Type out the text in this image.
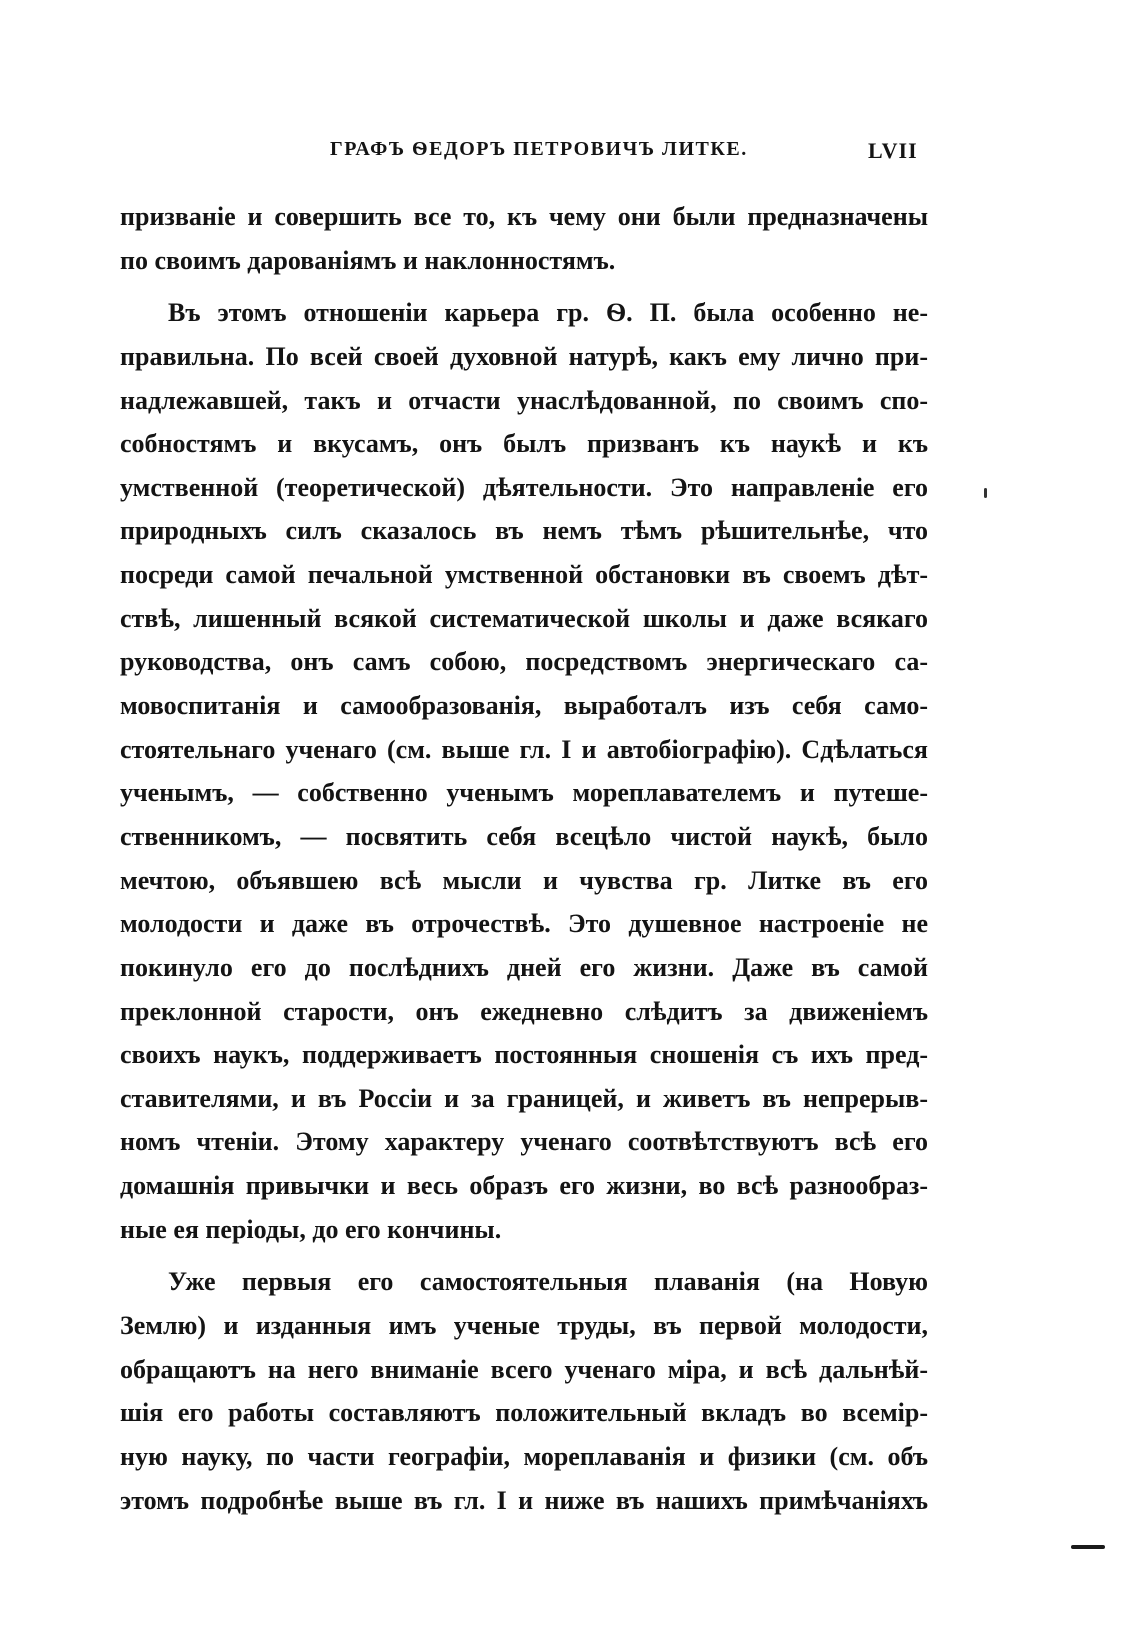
ГРАФЪ ѲЕДОРЪ ПЕТРОВИЧЪ ЛИТКЕ.	LVII
призваніе и совершить все то, къ чему они были предназначены
по своимъ дарованіямъ и наклонностямъ.
Въ этомъ отношеніи карьера гр. Ѳ. П. была особенно не-
правильна. По всей своей духовной натурѣ, какъ ему лично при-
надлежавшей, такъ и отчасти унаслѣдованной, по своимъ спо-
собностямъ и вкусамъ, онъ былъ призванъ къ наукѣ и къ
умственной (теоретической) дѣятельности. Это направленіе его
природныхъ силъ сказалось въ немъ тѣмъ рѣшительнѣе, что
посреди самой печальной умственной обстановки въ своемъ дѣт-
ствѣ, лишенный всякой систематической школы и даже всякаго
руководства, онъ самъ собою, посредствомъ энергическаго са-
мовоспитанія и самообразованія, выработалъ изъ себя само-
стоятельнаго ученаго (см. выше гл. I и автобіографію). Сдѣлаться
ученымъ, — собственно ученымъ мореплавателемъ и путеше-
ственникомъ, — посвятить себя всецѣло чистой наукѣ, было
мечтою, объявшею всѣ мысли и чувства гр. Литке въ его
молодости и даже въ отрочествѣ. Это душевное настроеніе не
покинуло его до послѣднихъ дней его жизни. Даже въ самой
преклонной старости, онъ ежедневно слѣдитъ за движеніемъ
своихъ наукъ, поддерживаетъ постоянныя сношенія съ ихъ пред-
ставителями, и въ Россіи и за границей, и живетъ въ непрерыв-
номъ чтеніи. Этому характеру ученаго соотвѣтствуютъ всѣ его
домашнія привычки и весь образъ его жизни, во всѣ разнообраз-
ные ея періоды, до его кончины.
Уже первыя его самостоятельныя плаванія (на Новую
Землю) и изданныя имъ ученые труды, въ первой молодости,
обращаютъ на него вниманіе всего ученаго міра, и всѣ дальнѣй-
шія его работы составляютъ положительный вкладъ во всемір-
ную науку, по части географіи, мореплаванія и физики (см. объ
этомъ подробнѣе выше въ гл. I и ниже въ нашихъ примѣчаніяхъ
